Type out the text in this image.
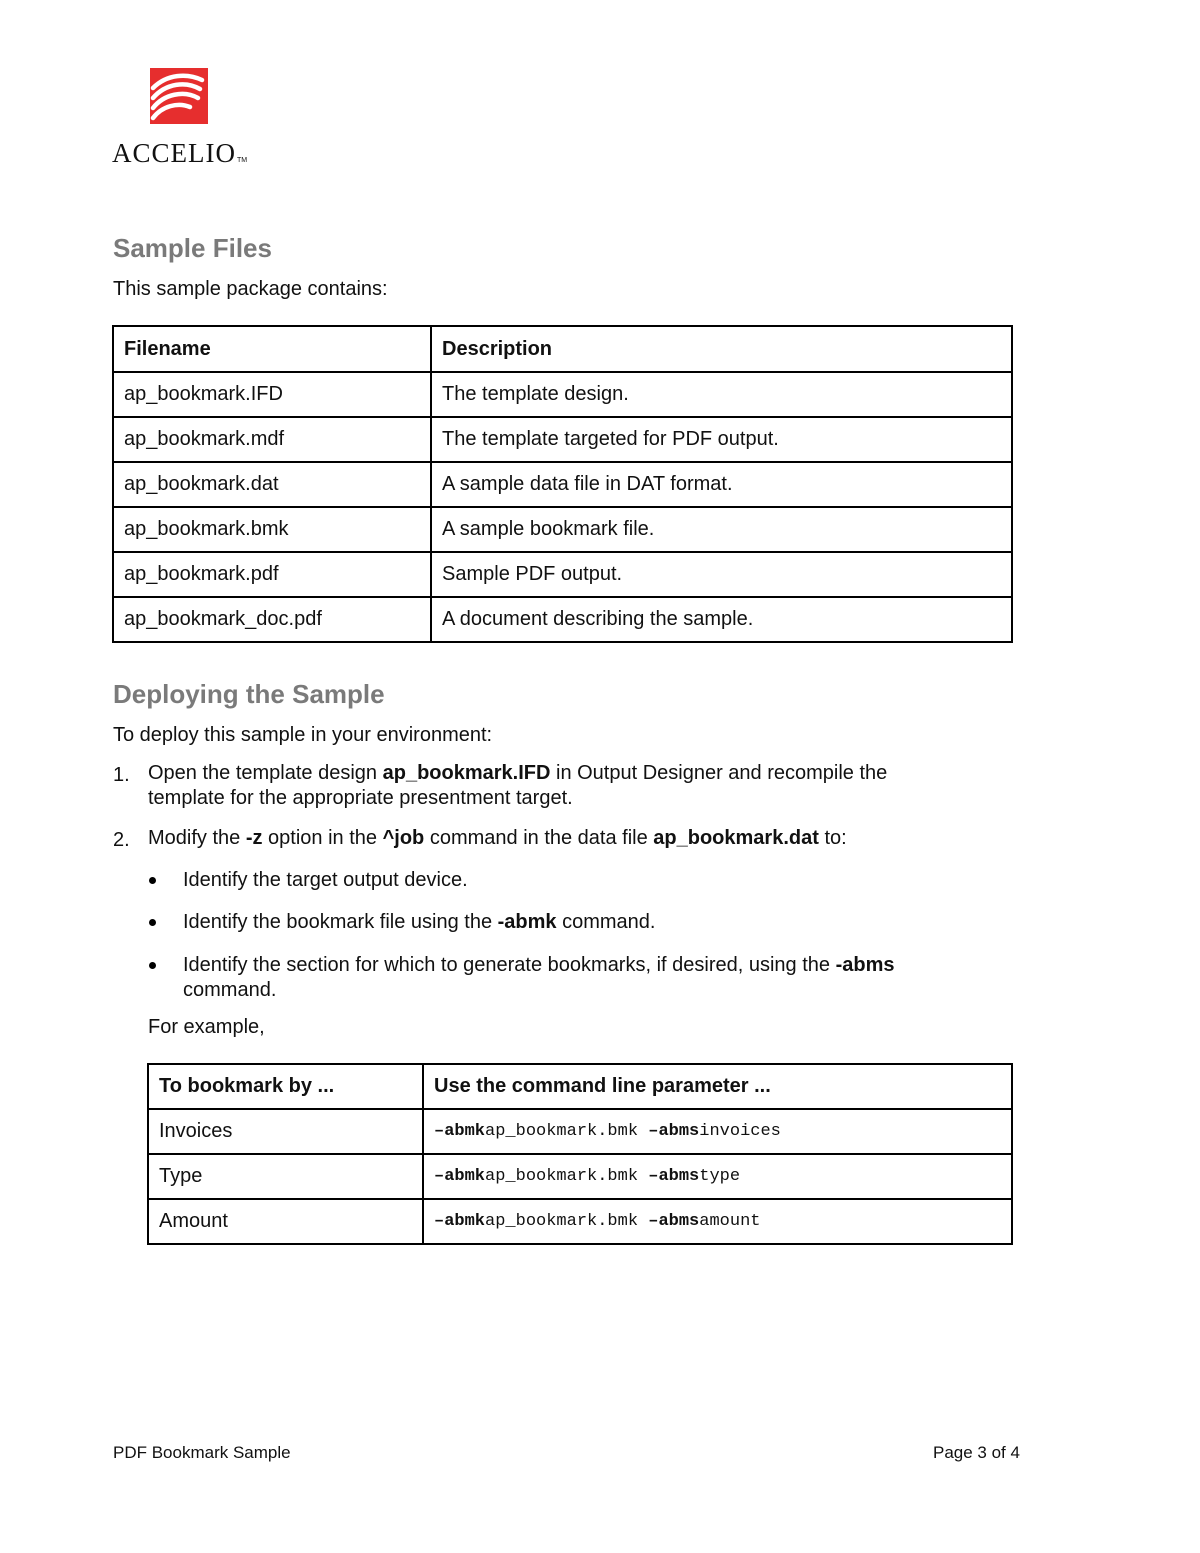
ACCELIOTM
Sample Files

This sample package contains:

Filename	Description
ap_bookmark.IFD	The template design.
ap_bookmark.mdf	The template targeted for PDF output.
ap_bookmark.dat	A sample data file in DAT format.
ap_bookmark.bmk	A sample bookmark file.
ap_bookmark.pdf	Sample PDF output.
ap_bookmark_doc.pdf	A document describing the sample.
Deploying the Sample

To deploy this sample in your environment:

1. Open the template design ap_bookmark.IFD in Output Designer and recompile the template for the appropriate presentment target.

2. Modify the -z option in the ^job command in the data file ap_bookmark.dat to:

Identify the target output device.

Identify the bookmark file using the -abmk command.

Identify the section for which to generate bookmarks, if desired, using the -abms command.

For example,

To bookmark by ...	Use the command line parameter ...
Invoices	–abmkap_bookmark.bmk –abmsinvoices
Type	–abmkap_bookmark.bmk –abmstype
Amount	–abmkap_bookmark.bmk –abmsamount
PDF Bookmark Sample	Page 3 of 4
